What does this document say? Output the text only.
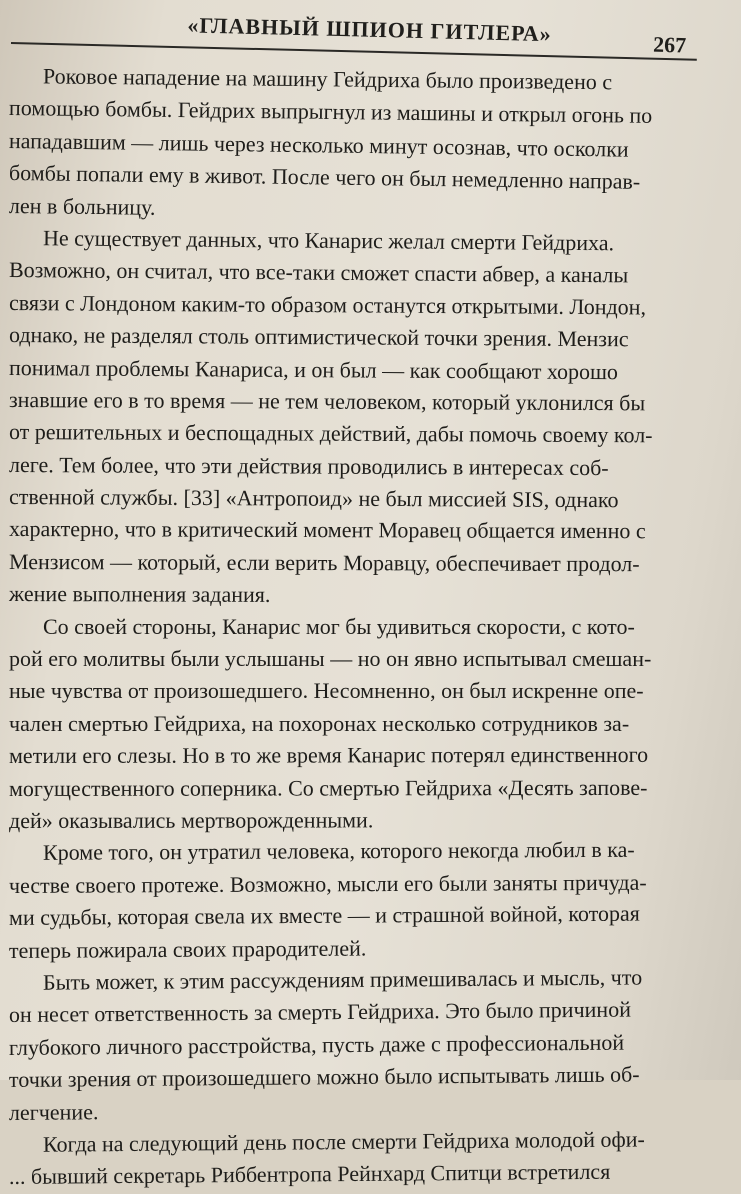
«ГЛАВНЫЙ ШПИОН ГИТЛЕРА»	267
Роковое нападение на машину Гейдриха было произведено с
помощью бомбы. Гейдрих выпрыгнул из машины и открыл огонь по
нападавшим — лишь через несколько минут осознав, что осколки
бомбы попали ему в живот. После чего он был немедленно направ-
лен в больницу.
Не существует данных, что Канарис желал смерти Гейдриха.
Возможно, он считал, что все-таки сможет спасти абвер, а каналы
связи с Лондоном каким-то образом останутся открытыми. Лондон,
однако, не разделял столь оптимистической точки зрения. Мензис
понимал проблемы Канариса, и он был — как сообщают хорошо
знавшие его в то время — не тем человеком, который уклонился бы
от решительных и беспощадных действий, дабы помочь своему кол-
леге. Тем более, что эти действия проводились в интересах соб-
ственной службы. [33] «Антропоид» не был миссией SIS, однако
характерно, что в критический момент Моравец общается именно с
Мензисом — который, если верить Моравцу, обеспечивает продол-
жение выполнения задания.
Со своей стороны, Канарис мог бы удивиться скорости, с кото-
рой его молитвы были услышаны — но он явно испытывал смешан-
ные чувства от произошедшего. Несомненно, он был искренне опе-
чален смертью Гейдриха, на похоронах несколько сотрудников за-
метили его слезы. Но в то же время Канарис потерял единственного
могущественного соперника. Со смертью Гейдриха «Десять запове-
дей» оказывались мертворожденными.
Кроме того, он утратил человека, которого некогда любил в ка-
честве своего протеже. Возможно, мысли его были заняты причуда-
ми судьбы, которая свела их вместе — и страшной войной, которая
теперь пожирала своих прародителей.
Быть может, к этим рассуждениям примешивалась и мысль, что
он несет ответственность за смерть Гейдриха. Это было причиной
глубокого личного расстройства, пусть даже с профессиональной
точки зрения от произошедшего можно было испытывать лишь об-
легчение.
Когда на следующий день после смерти Гейдриха молодой офи-
... бывший секретарь Риббентропа Рейнхард Спитци встретился
